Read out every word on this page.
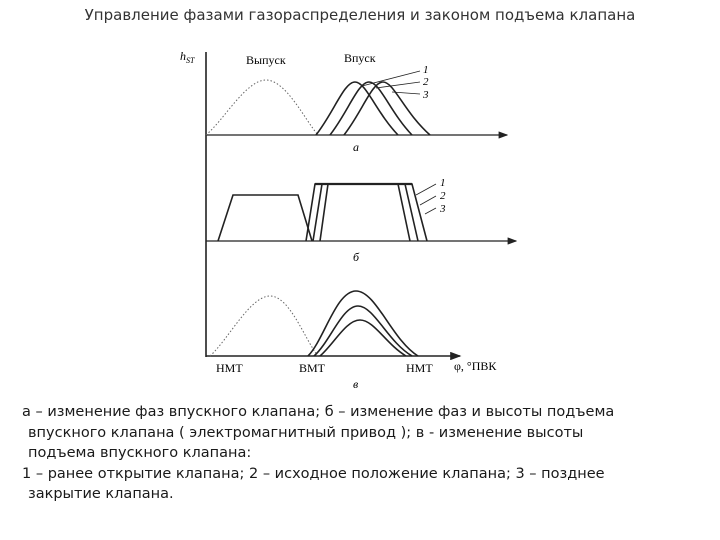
Управление фазами газораспределения и законом подъема клапана
$h_{ST}$
1
2
3
Выпуск	Впуск
а
1
2
3
б
НМТ	ВМТ	НМТ φ, °ПВК
в
а – изменение фаз впускного клапана; б – изменение фаз и высоты подъема
впускного клапана ( электромагнитный привод ); в - изменение высоты
подъема впускного клапана:
1 – ранее открытие клапана; 2 – исходное положение клапана; 3 – позднее
закрытие клапана.
